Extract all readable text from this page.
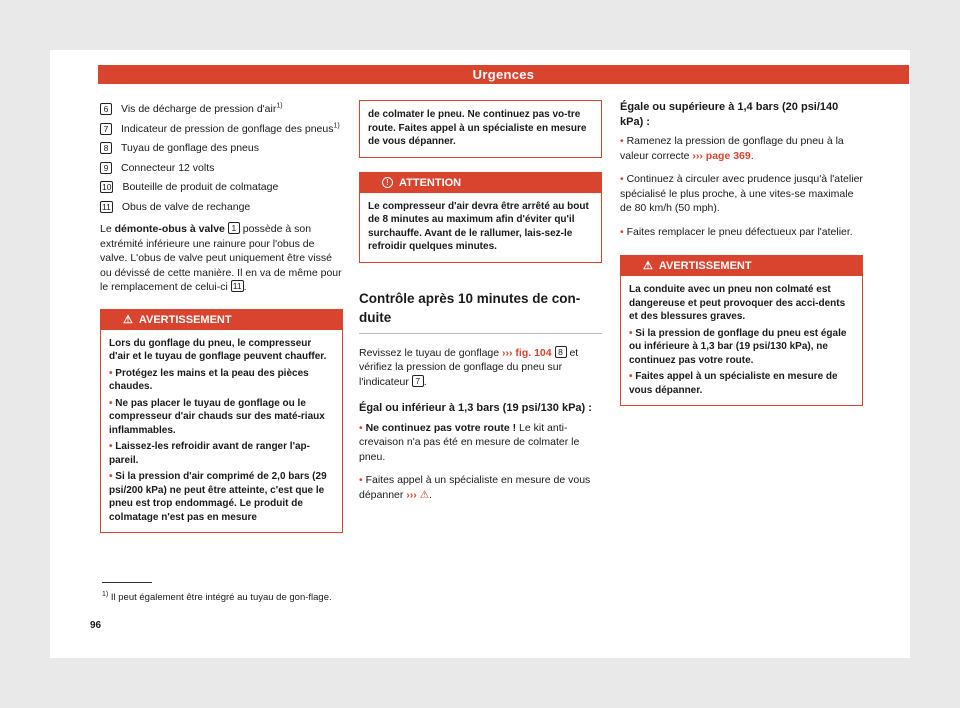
Urgences
6	Vis de décharge de pression d'air$^{1)}$
7	Indicateur de pression de gonflage des pneus$^{1)}$
8	Tuyau de gonflage des pneus
9	Connecteur 12 volts
10 Bouteille de produit de colmatage
11 Obus de valve de rechange

Le démonte-obus à valve 1 possède à son extrémité inférieure une rainure pour l'obus de valve. L'obus de valve peut uniquement être vissé ou dévissé de cette manière. Il en va de même pour le remplacement de celui-ci 11 .

⚠ AVERTISSEMENT
Lors du gonflage du pneu, le compresseur d'air et le tuyau de gonflage peuvent chauffer.
• Protégez les mains et la peau des pièces chaudes.
• Ne pas placer le tuyau de gonflage ou le compresseur d'air chauds sur des maté-riaux inflammables.
• Laissez-les refroidir avant de ranger l'ap-pareil.
• Si la pression d'air comprimé de 2,0 bars (29 psi/200 kPa) ne peut être atteinte, c'est que le pneu est trop endommagé. Le produit de colmatage n'est pas en mesure
$^{1)}$ Il peut également être intégré au tuyau de gon-flage.
96
de colmater le pneu. Ne continuez pas vo-tre route. Faites appel à un spécialiste en mesure de vous dépanner.
! ATTENTION
Le compresseur d'air devra être arrêté au bout de 8 minutes au maximum afin d'éviter qu'il surchauffe. Avant de le rallumer, lais-sez-le refroidir quelques minutes.
Contrôle après 10 minutes de con-duite

Revissez le tuyau de gonflage ››› fig. 104 8 et vérifiez la pression de gonflage du pneu sur l'indicateur 7 .

Égal ou inférieur à 1,3 bars (19 psi/130 kPa) :

• Ne continuez pas votre route ! Le kit anti-crevaison n'a pas été en mesure de colmater le pneu.

• Faites appel à un spécialiste en mesure de vous dépanner ››› ⚠.

Égale ou supérieure à 1,4 bars (20 psi/140 kPa) :

• Ramenez la pression de gonflage du pneu à la valeur correcte ››› page 369.

• Continuez à circuler avec prudence jusqu'à l'atelier spécialisé le plus proche, à une vites-se maximale de 80 km/h (50 mph).

• Faites remplacer le pneu défectueux par l'atelier.

⚠ AVERTISSEMENT
La conduite avec un pneu non colmaté est dangereuse et peut provoquer des acci-dents et des blessures graves.
• Si la pression de gonflage du pneu est égale ou inférieure à 1,3 bar (19 psi/130 kPa), ne continuez pas votre route.
• Faites appel à un spécialiste en mesure de vous dépanner.
